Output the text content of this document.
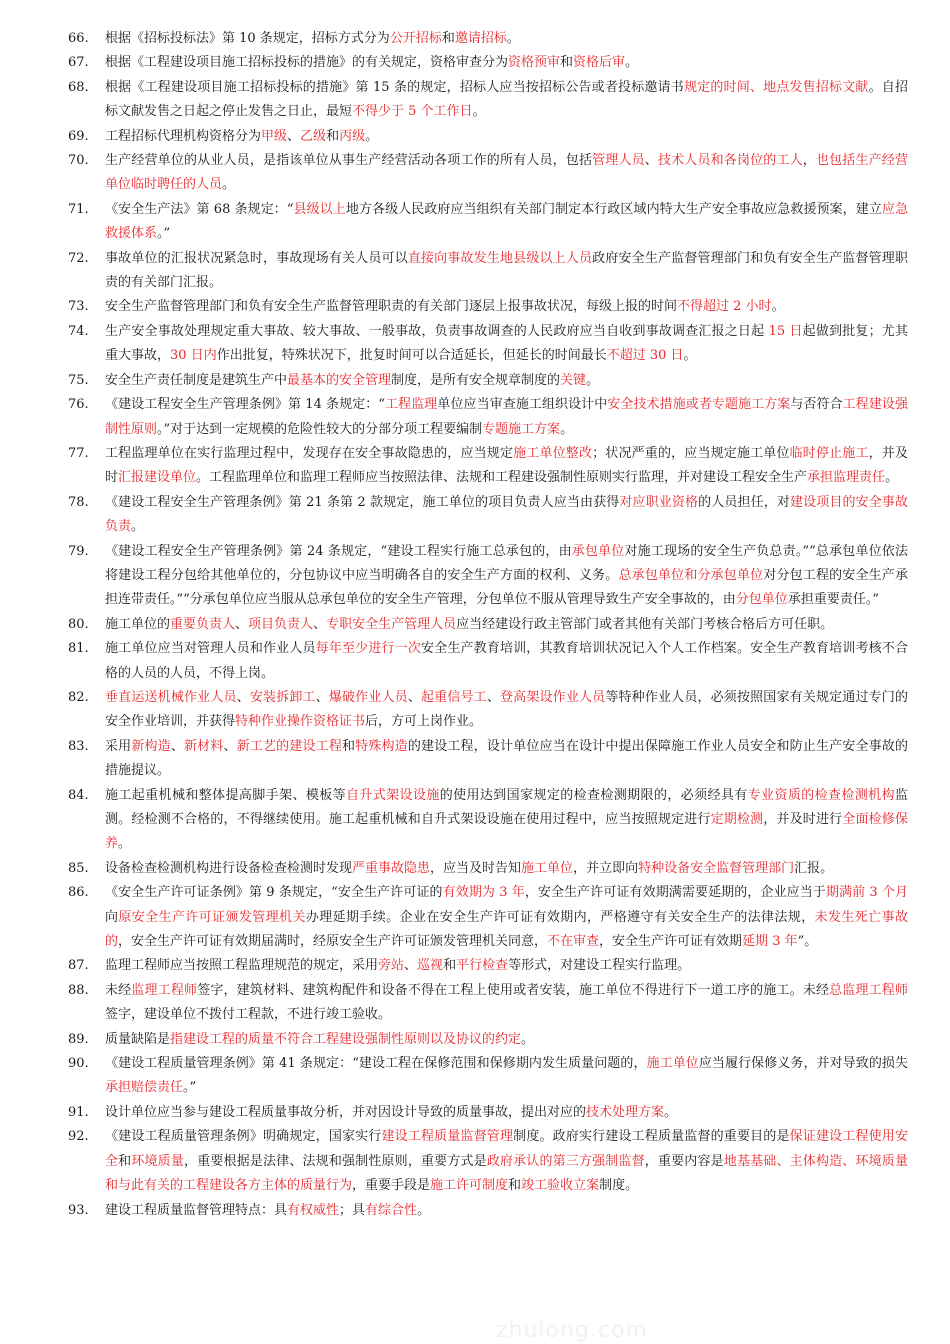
66.	根据《招标投标法》第 10 条规定，招标方式分为公开招标和邀请招标。
67.	根据《工程建设项目施工招标投标的措施》的有关规定，资格审查分为资格预审和资格后审。
68.	根据《工程建设项目施工招标投标的措施》第 15 条的规定，招标人应当按招标公告或者投标邀请书规定的时间、地点发售招标文献。自招标文献发售之日起之停止发售之日止，最短不得少于 5 个工作日。
69.	工程招标代理机构资格分为甲级、乙级和丙级。
70.	生产经营单位的从业人员，是指该单位从事生产经营活动各项工作的所有人员，包括管理人员、技术人员和各岗位的工人，也包括生产经营单位临时聘任的人员。
71.	《安全生产法》第 68 条规定：“县级以上地方各级人民政府应当组织有关部门制定本行政区域内特大生产安全事故应急救援预案，建立应急救援体系。”
72.	事故单位的汇报状况紧急时，事故现场有关人员可以直接向事故发生地县级以上人员政府安全生产监督管理部门和负有安全生产监督管理职责的有关部门汇报。
73.	安全生产监督管理部门和负有安全生产监督管理职责的有关部门逐层上报事故状况，每级上报的时间不得超过 2 小时。
74.	生产安全事故处理规定重大事故、较大事故、一般事故，负责事故调查的人民政府应当自收到事故调查汇报之日起 15 日起做到批复；尤其重大事故，30 日内作出批复，特殊状况下，批复时间可以合适延长，但延长的时间最长不超过 30 日。
75.	安全生产责任制度是建筑生产中最基本的安全管理制度，是所有安全规章制度的关键。
76.	《建设工程安全生产管理条例》第 14 条规定：“工程监理单位应当审查施工组织设计中安全技术措施或者专题施工方案与否符合工程建设强制性原则。”对于达到一定规模的危险性较大的分部分项工程要编制专题施工方案。
77.	工程监理单位在实行监理过程中，发现存在安全事故隐患的，应当规定施工单位整改；状况严重的，应当规定施工单位临时停止施工，并及时汇报建设单位。工程监理单位和监理工程师应当按照法律、法规和工程建设强制性原则实行监理，并对建设工程安全生产承担监理责任。
78.	《建设工程安全生产管理条例》第 21 条第 2 款规定，施工单位的项目负责人应当由获得对应职业资格的人员担任，对建设项目的安全事故负责。
79.	《建设工程安全生产管理条例》第 24 条规定，“建设工程实行施工总承包的，由承包单位对施工现场的安全生产负总责。”“总承包单位依法将建设工程分包给其他单位的，分包协议中应当明确各自的安全生产方面的权利、义务。总承包单位和分承包单位对分包工程的安全生产承担连带责任。”“分承包单位应当服从总承包单位的安全生产管理，分包单位不服从管理导致生产安全事故的，由分包单位承担重要责任。”
80.	施工单位的重要负责人、项目负责人、专职安全生产管理人员应当经建设行政主管部门或者其他有关部门考核合格后方可任职。
81.	施工单位应当对管理人员和作业人员每年至少进行一次安全生产教育培训，其教育培训状况记入个人工作档案。安全生产教育培训考核不合格的人员的人员，不得上岗。
82.	垂直运送机械作业人员、安装拆卸工、爆破作业人员、起重信号工、登高架设作业人员等特种作业人员，必须按照国家有关规定通过专门的安全作业培训，并获得特种作业操作资格证书后，方可上岗作业。
83.	采用新构造、新材料、新工艺的建设工程和特殊构造的建设工程，设计单位应当在设计中提出保障施工作业人员安全和防止生产安全事故的措施提议。
84.	施工起重机械和整体提高脚手架、模板等自升式架设设施的使用达到国家规定的检查检测期限的，必须经具有专业资质的检查检测机构监测。经检测不合格的，不得继续使用。施工起重机械和自升式架设设施在使用过程中，应当按照规定进行定期检测，并及时进行全面检修保养。
85.	设备检查检测机构进行设备检查检测时发现严重事故隐患，应当及时告知施工单位，并立即向特种设备安全监督管理部门汇报。
86.	《安全生产许可证条例》第 9 条规定，“安全生产许可证的有效期为 3 年，安全生产许可证有效期满需要延期的，企业应当于期满前 3 个月向原安全生产许可证颁发管理机关办理延期手续。企业在安全生产许可证有效期内，严格遵守有关安全生产的法律法规，未发生死亡事故的，安全生产许可证有效期届满时，经原安全生产许可证颁发管理机关同意，不在审查，安全生产许可证有效期延期 3 年”。
87.	监理工程师应当按照工程监理规范的规定，采用旁站、巡视和平行检查等形式，对建设工程实行监理。
88.	未经监理工程师签字，建筑材料、建筑构配件和设备不得在工程上使用或者安装，施工单位不得进行下一道工序的施工。未经总监理工程师签字，建设单位不拨付工程款，不进行竣工验收。
89.	质量缺陷是指建设工程的质量不符合工程建设强制性原则以及协议的约定。
90.	《建设工程质量管理条例》第 41 条规定：“建设工程在保修范围和保修期内发生质量问题的，施工单位应当履行保修义务，并对导致的损失承担赔偿责任。”
91.	设计单位应当参与建设工程质量事故分析，并对因设计导致的质量事故，提出对应的技术处理方案。
92.	《建设工程质量管理条例》明确规定，国家实行建设工程质量监督管理制度。政府实行建设工程质量监督的重要目的是保证建设工程使用安全和环境质量，重要根据是法律、法规和强制性原则，重要方式是政府承认的第三方强制监督，重要内容是地基基础、主体构造、环境质量和与此有关的工程建设各方主体的质量行为，重要手段是施工许可制度和竣工验收立案制度。
93.	建设工程质量监督管理特点：具有权威性；具有综合性。
zhulong.com
